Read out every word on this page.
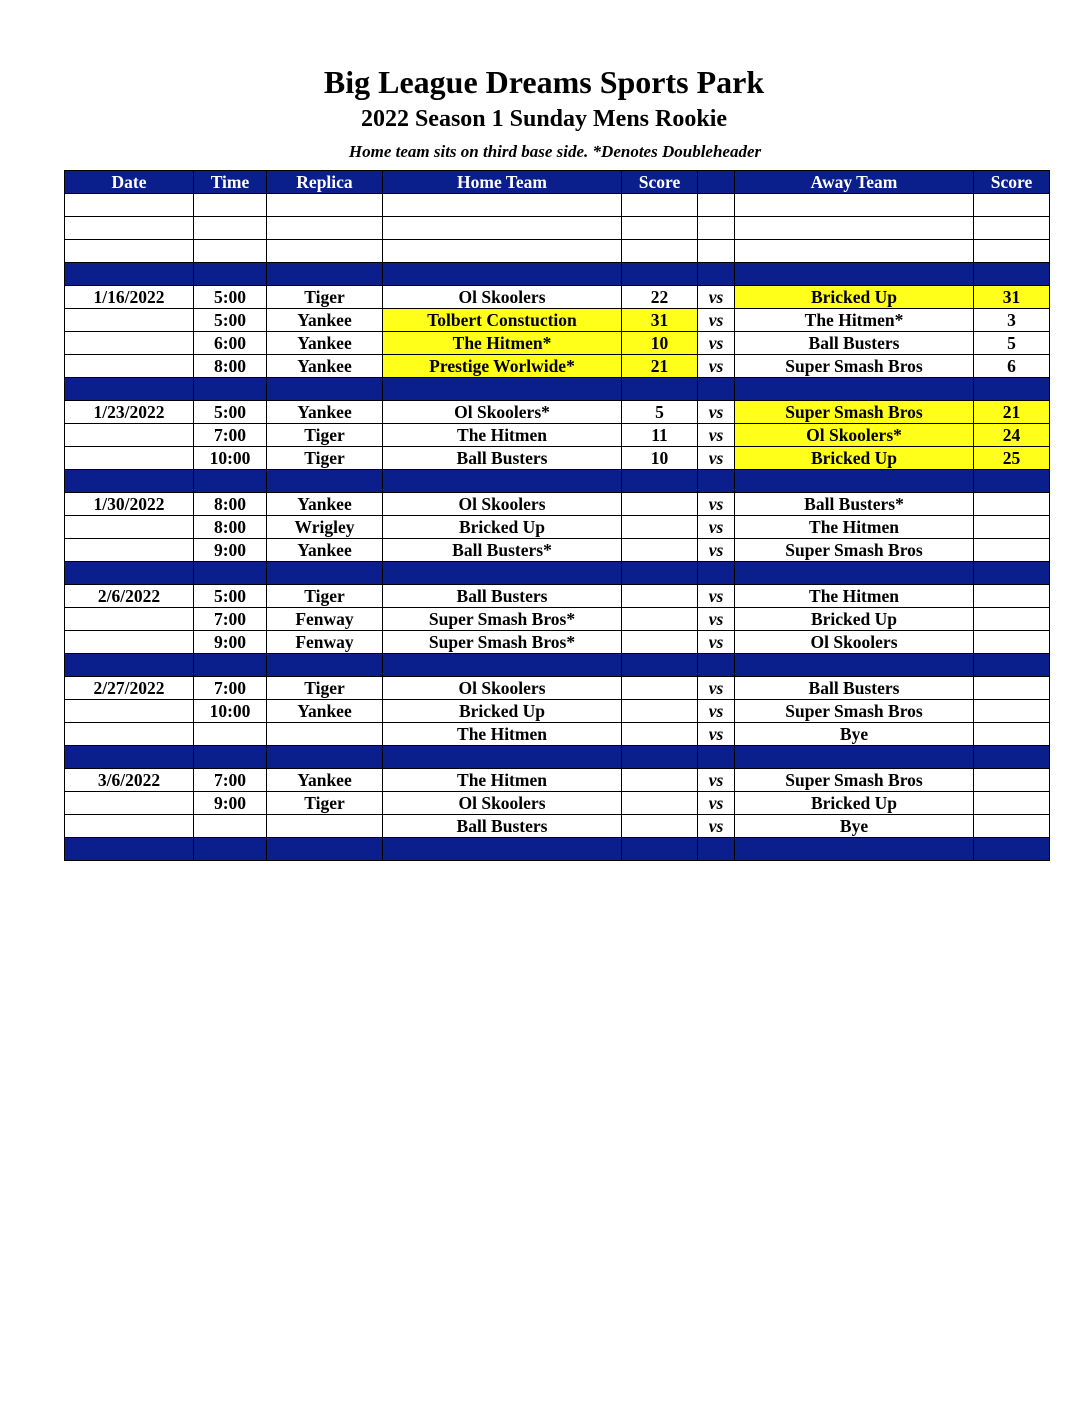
Big League Dreams Sports Park
2022 Season 1 Sunday Mens Rookie
Home team sits on third base side. *Denotes Doubleheader
Date	Time	Replica	Home Team	Score		Away Team	Score

1/16/2022	5:00	Tiger	Ol Skoolers	22	vs	Bricked Up	31
	5:00	Yankee	Tolbert Constuction	31	vs	The Hitmen*	3
	6:00	Yankee	The Hitmen*	10	vs	Ball Busters	5
	8:00	Yankee	Prestige Worlwide*	21	vs	Super Smash Bros	6

1/23/2022	5:00	Yankee	Ol Skoolers*	5	vs	Super Smash Bros	21
	7:00	Tiger	The Hitmen	11	vs	Ol Skoolers*	24
	10:00	Tiger	Ball Busters	10	vs	Bricked Up	25

1/30/2022	8:00	Yankee	Ol Skoolers		vs	Ball Busters*	
	8:00	Wrigley	Bricked Up		vs	The Hitmen	
	9:00	Yankee	Ball Busters*		vs	Super Smash Bros	

2/6/2022	5:00	Tiger	Ball Busters		vs	The Hitmen	
	7:00	Fenway	Super Smash Bros*		vs	Bricked Up	
	9:00	Fenway	Super Smash Bros*		vs	Ol Skoolers	

2/27/2022	7:00	Tiger	Ol Skoolers		vs	Ball Busters	
	10:00	Yankee	Bricked Up		vs	Super Smash Bros	
			The Hitmen		vs	Bye	

3/6/2022	7:00	Yankee	The Hitmen		vs	Super Smash Bros	
	9:00	Tiger	Ol Skoolers		vs	Bricked Up	
			Ball Busters		vs	Bye	
